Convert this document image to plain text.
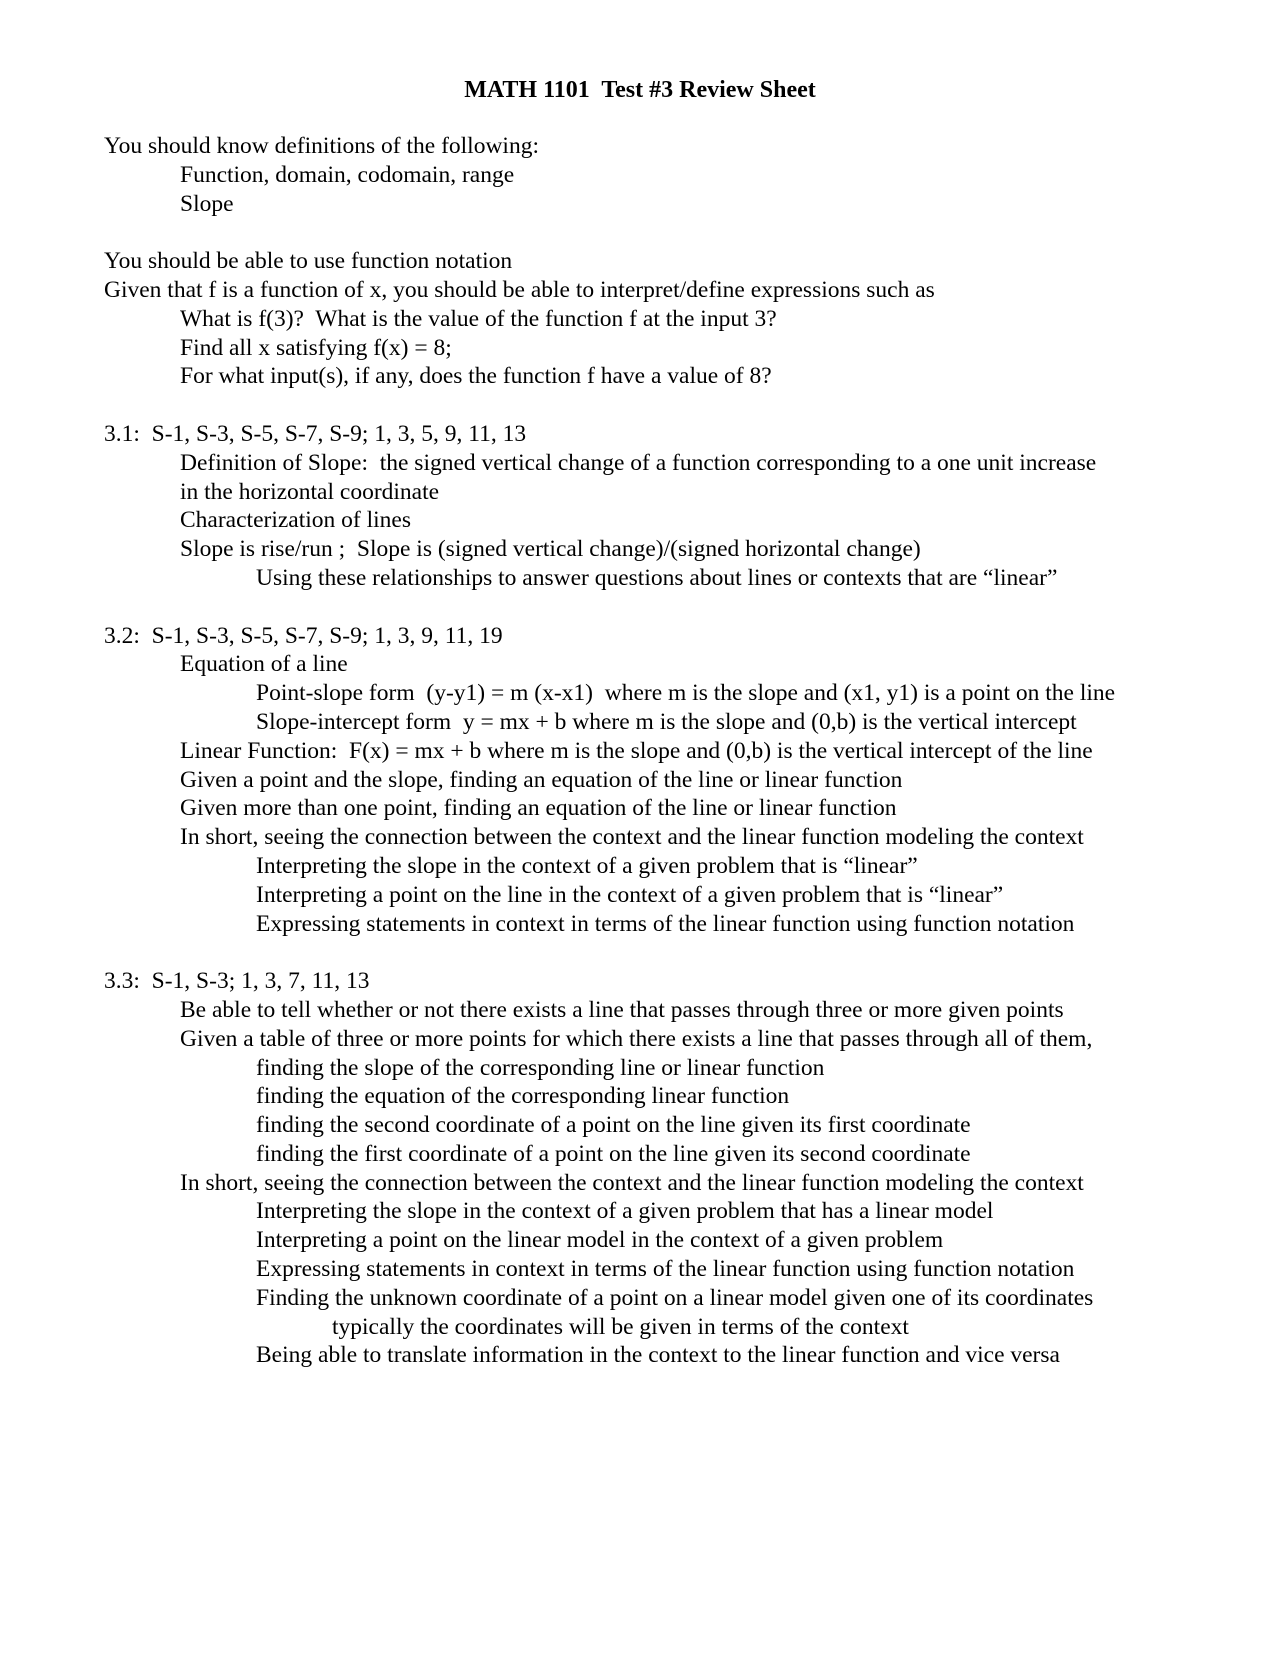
MATH 1101  Test #3 Review Sheet
You should know definitions of the following:
Function, domain, codomain, range
Slope
You should be able to use function notation
Given that f is a function of x, you should be able to interpret/define expressions such as
What is f(3)?  What is the value of the function f at the input 3?
Find all x satisfying f(x) = 8;
For what input(s), if any, does the function f have a value of 8?
3.1:  S-1, S-3, S-5, S-7, S-9; 1, 3, 5, 9, 11, 13
Definition of Slope:  the signed vertical change of a function corresponding to a one unit increase
in the horizontal coordinate
Characterization of lines
Slope is rise/run ;  Slope is (signed vertical change)/(signed horizontal change)
Using these relationships to answer questions about lines or contexts that are “linear”
3.2:  S-1, S-3, S-5, S-7, S-9; 1, 3, 9, 11, 19
Equation of a line
Point-slope form  (y-y1) = m (x-x1)  where m is the slope and (x1, y1) is a point on the line
Slope-intercept form  y = mx + b where m is the slope and (0,b) is the vertical intercept
Linear Function:  F(x) = mx + b where m is the slope and (0,b) is the vertical intercept of the line
Given a point and the slope, finding an equation of the line or linear function
Given more than one point, finding an equation of the line or linear function
In short, seeing the connection between the context and the linear function modeling the context
Interpreting the slope in the context of a given problem that is “linear”
Interpreting a point on the line in the context of a given problem that is “linear”
Expressing statements in context in terms of the linear function using function notation
3.3:  S-1, S-3; 1, 3, 7, 11, 13
Be able to tell whether or not there exists a line that passes through three or more given points
Given a table of three or more points for which there exists a line that passes through all of them,
finding the slope of the corresponding line or linear function
finding the equation of the corresponding linear function
finding the second coordinate of a point on the line given its first coordinate
finding the first coordinate of a point on the line given its second coordinate
In short, seeing the connection between the context and the linear function modeling the context
Interpreting the slope in the context of a given problem that has a linear model
Interpreting a point on the linear model in the context of a given problem
Expressing statements in context in terms of the linear function using function notation
Finding the unknown coordinate of a point on a linear model given one of its coordinates
typically the coordinates will be given in terms of the context
Being able to translate information in the context to the linear function and vice versa
